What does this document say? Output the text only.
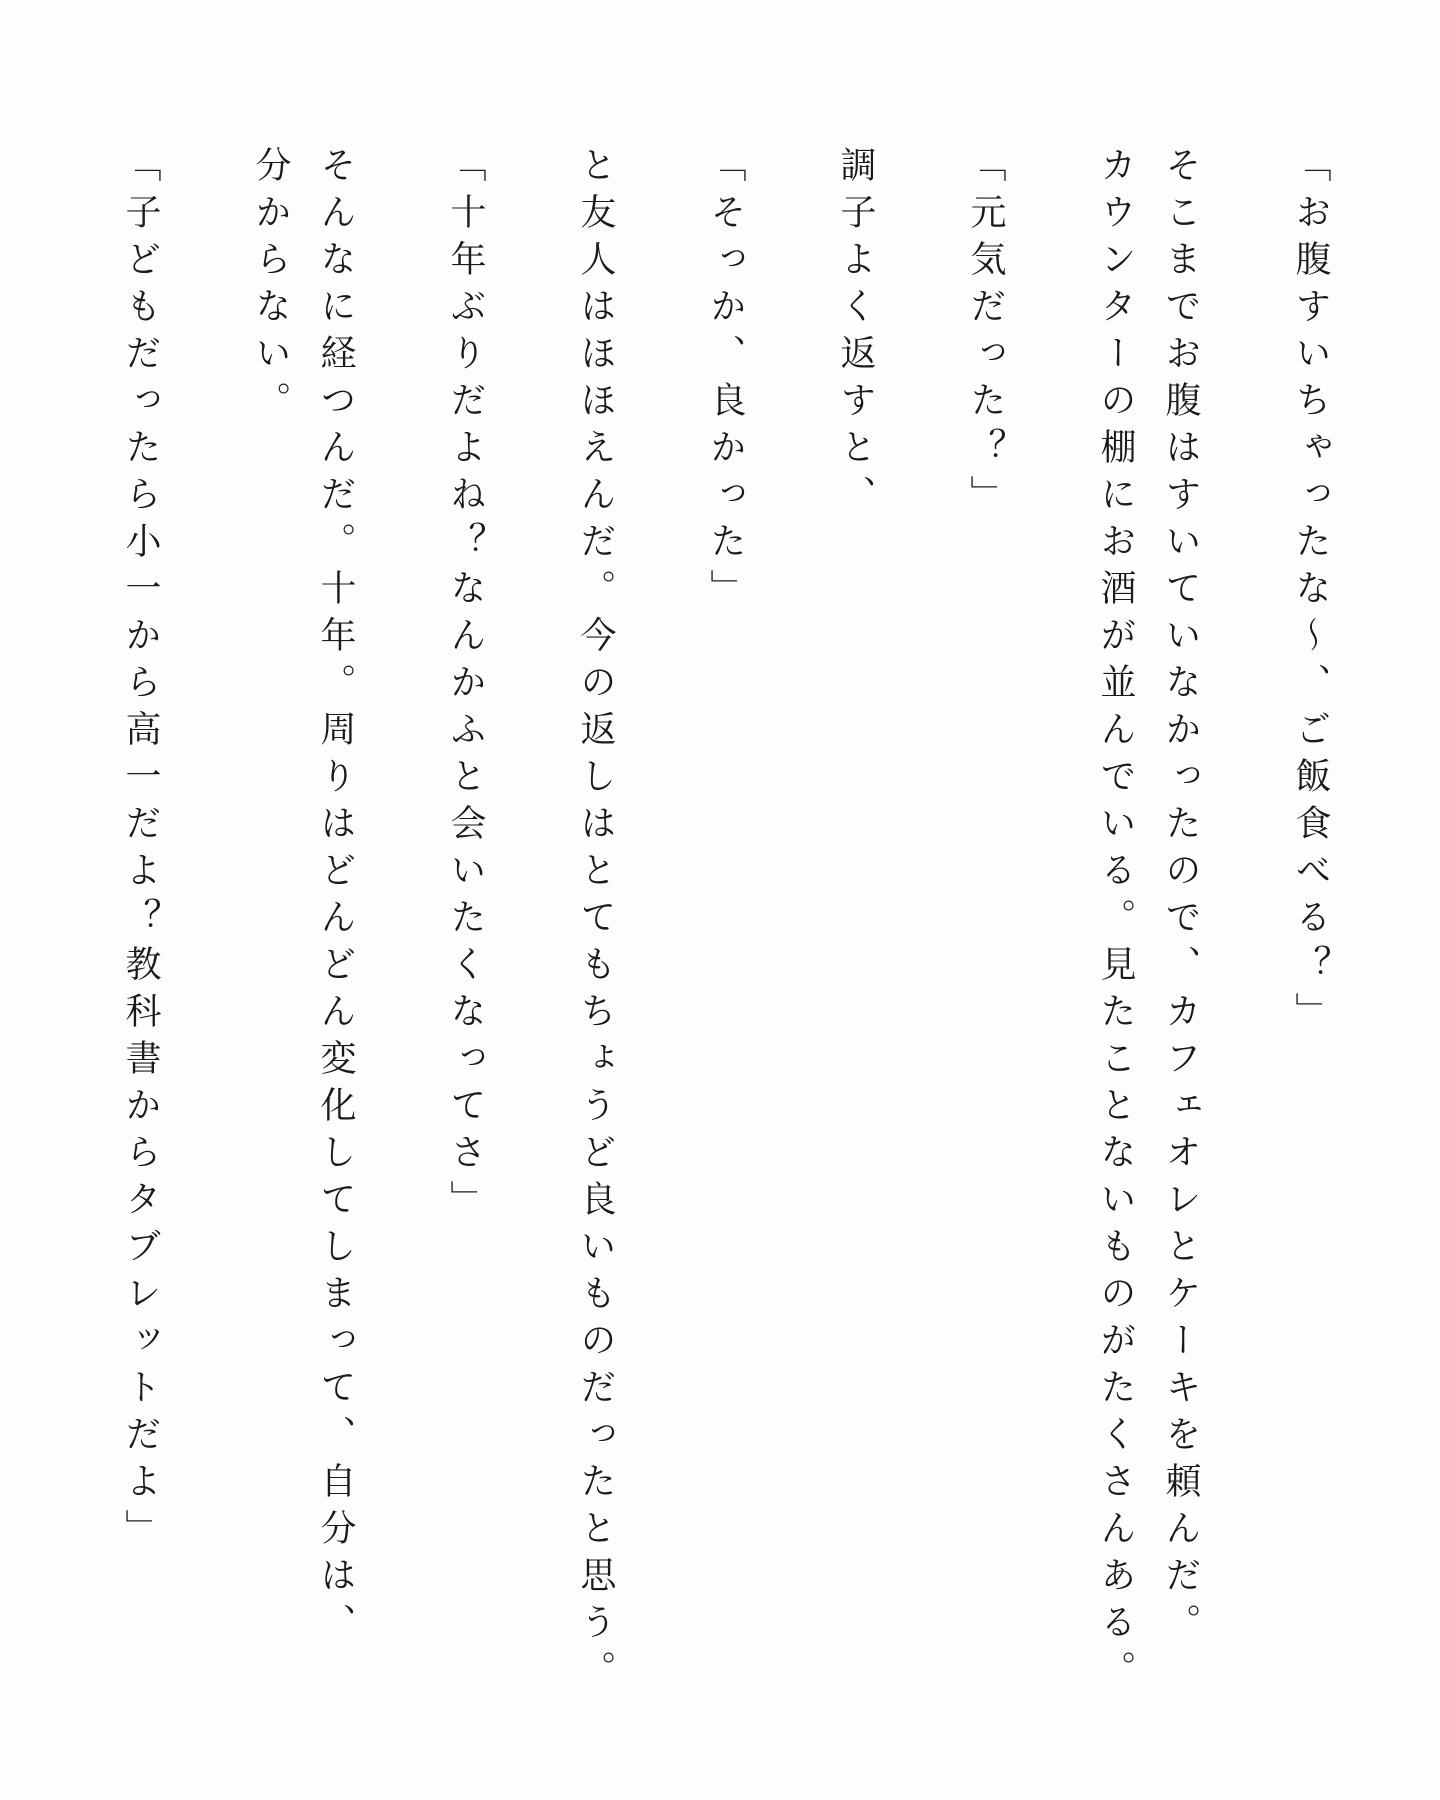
「お腹すいちゃったな〜、ご飯食べる？」
そこまでお腹はすいていなかったので、カフェオレとケーキを頼んだ。
カウンターの棚にお酒が並んでいる。見たことないものがたくさんある。
「元気だった？」
調子よく返すと、
「そっか、良かった」
と友人はほほえんだ。今の返しはとてもちょうど良いものだったと思う。
「十年ぶりだよね？なんかふと会いたくなってさ」
そんなに経つんだ。十年。周りはどんどん変化してしまって、自分は、
分からない。
「子どもだったら小一から高一だよ？教科書からタブレットだよ」
